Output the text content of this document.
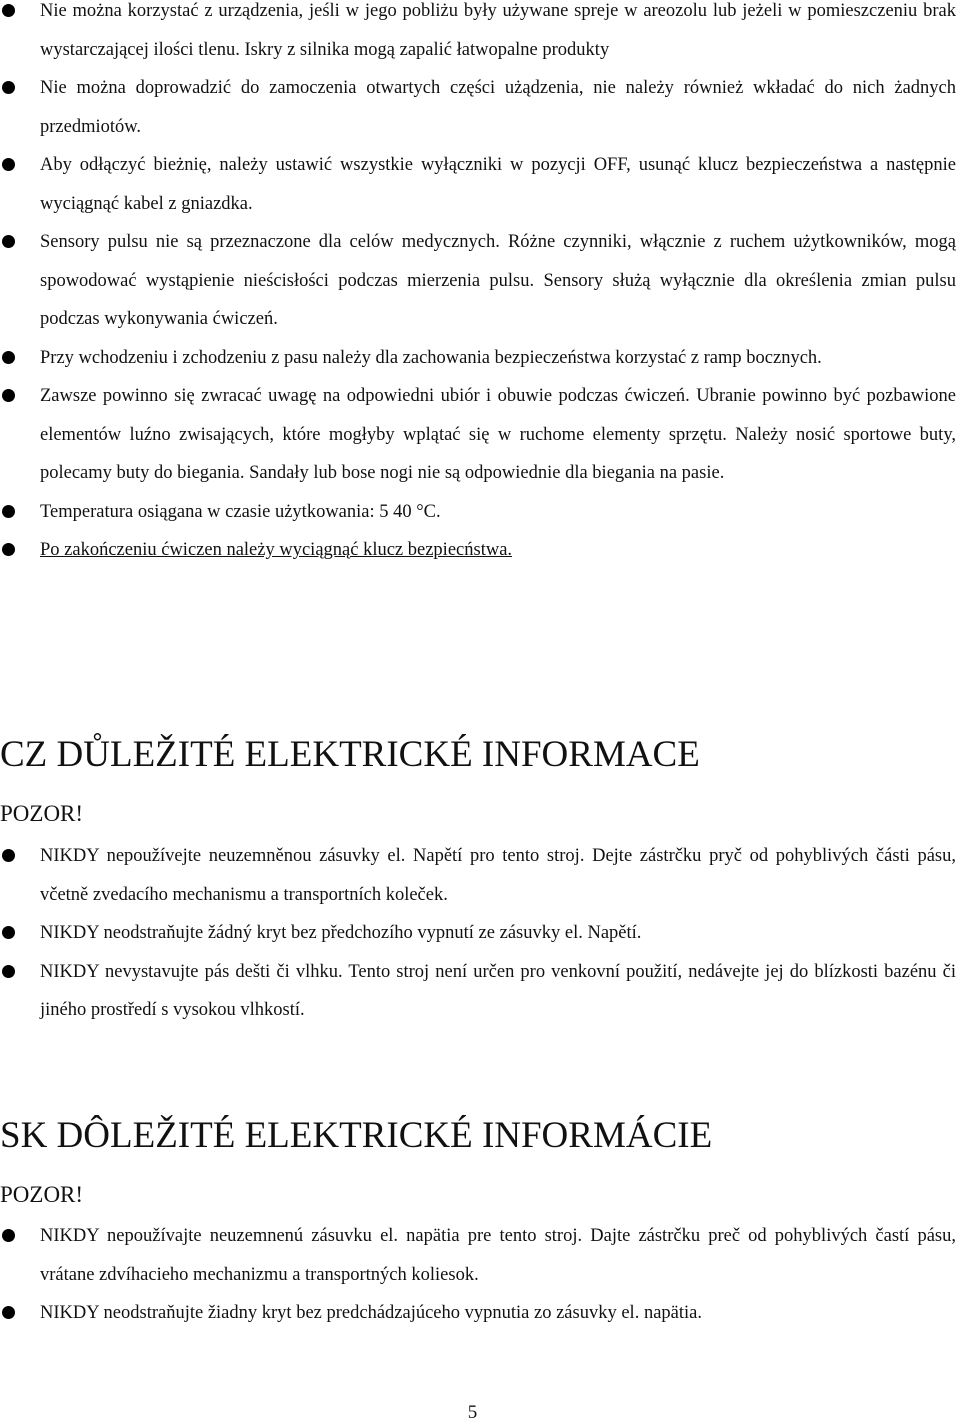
Nie można korzystać z urządzenia, jeśli w jego pobliżu były używane spreje w areozolu lub jeżeli w pomieszczeniu brak wystarczającej ilości tlenu. Iskry z silnika mogą zapalić łatwopalne produkty
Nie można doprowadzić do zamoczenia otwartych części użądzenia, nie należy również wkładać do nich żadnych przedmiotów.
Aby odłączyć bieżnię, należy ustawić wszystkie wyłączniki w pozycji OFF, usunąć klucz bezpieczeństwa a następnie wyciągnąć kabel z gniazdka.
Sensory pulsu nie są przeznaczone dla celów medycznych. Różne czynniki, włącznie z ruchem użytkowników, mogą spowodować wystąpienie nieścisłości podczas mierzenia pulsu. Sensory służą wyłącznie dla określenia zmian pulsu podczas wykonywania ćwiczeń.
Przy wchodzeniu i zchodzeniu z pasu należy dla zachowania bezpieczeństwa korzystać z ramp bocznych.
Zawsze powinno się zwracać uwagę na odpowiedni ubiór i obuwie podczas ćwiczeń. Ubranie powinno być pozbawione elementów luźno zwisających, które mogłyby wplątać się w ruchome elementy sprzętu. Należy nosić sportowe buty, polecamy buty do biegania. Sandały lub bose nogi nie są odpowiednie dla biegania na pasie.
Temperatura osiągana w czasie użytkowania: 5 40 °C.
Po zakończeniu ćwiczen należy wyciągnąć klucz bezpiecństwa.
CZ DŮLEŽITÉ ELEKTRICKÉ INFORMACE

POZOR!

NIKDY nepoužívejte neuzemněnou zásuvky el. Napětí pro tento stroj. Dejte zástrčku pryč od pohyblivých části pásu, včetně zvedacího mechanismu a transportních koleček.
NIKDY neodstraňujte žádný kryt bez předchozího vypnutí ze zásuvky el. Napětí.
NIKDY nevystavujte pás dešti či vlhku. Tento stroj není určen pro venkovní použití, nedávejte jej do blízkosti bazénu či jiného prostředí s vysokou vlhkostí.
SK DÔLEŽITÉ ELEKTRICKÉ INFORMÁCIE

POZOR!

NIKDY nepoužívajte neuzemnenú zásuvku el. napätia pre tento stroj. Dajte zástrčku preč od pohyblivých častí pásu, vrátane zdvíhacieho mechanizmu a transportných koliesok.
NIKDY neodstraňujte žiadny kryt bez predchádzajúceho vypnutia zo zásuvky el. napätia.
5
